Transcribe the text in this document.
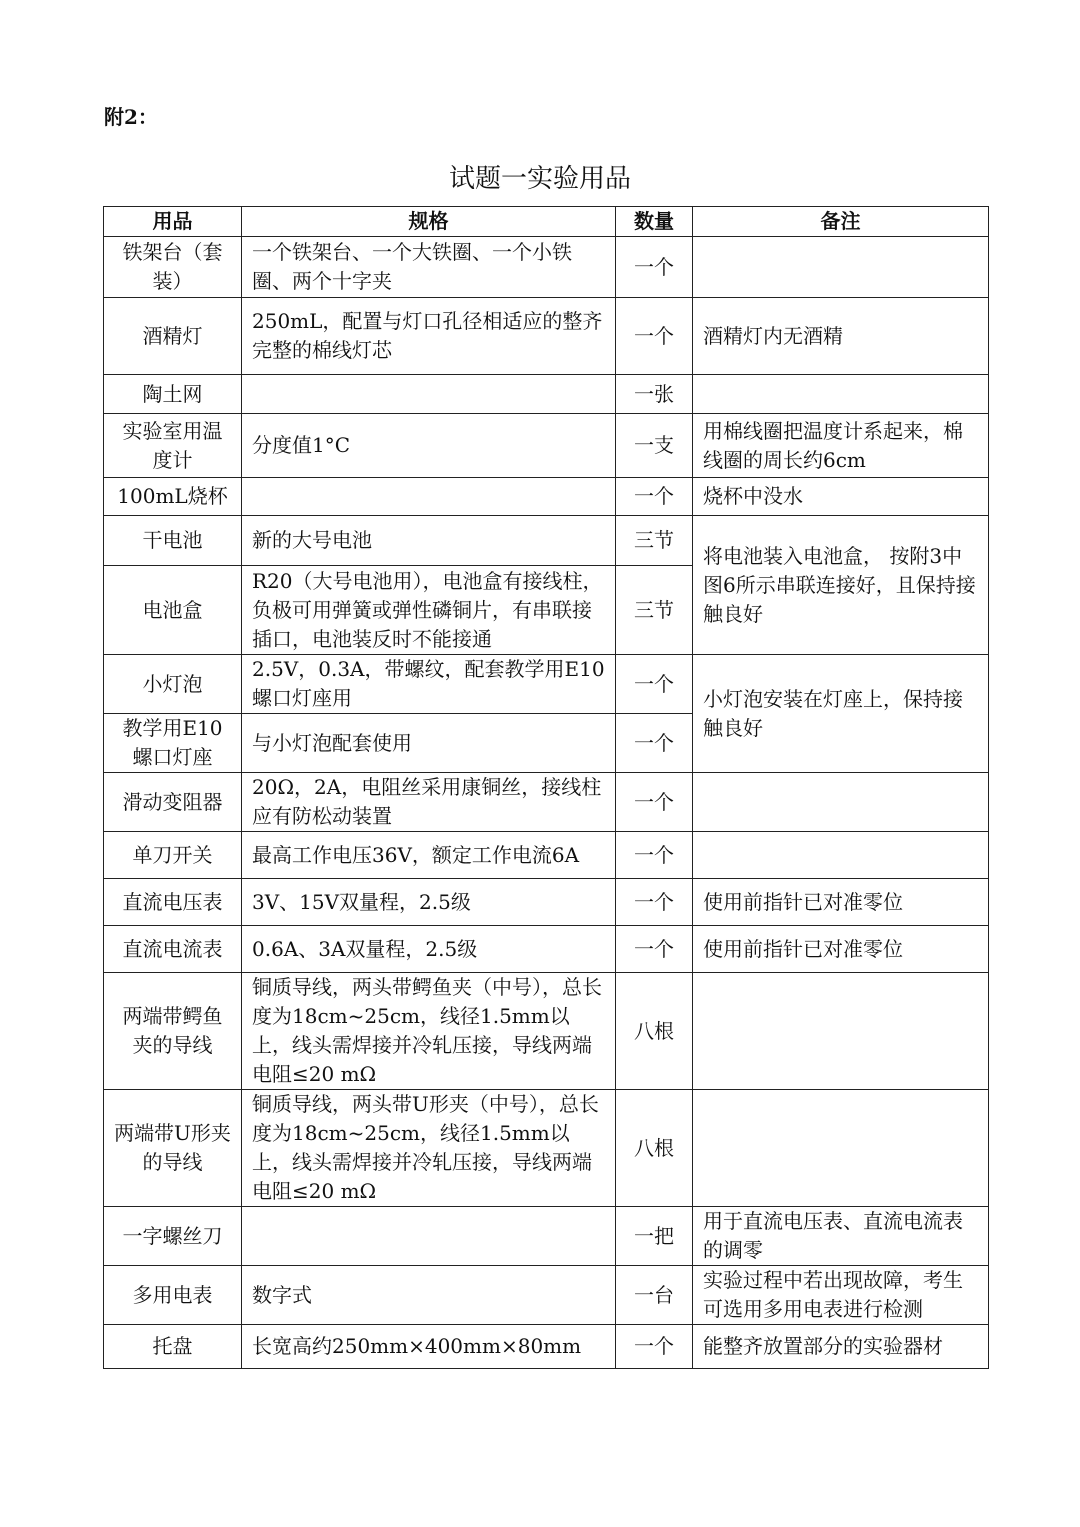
附2：
试题一实验用品
用品	规格	数量	备注
铁架台（套装）	一个铁架台、一个大铁圈、一个小铁圈、两个十字夹	一个	
酒精灯	250mL，配置与灯口孔径相适应的整齐完整的棉线灯芯	一个	酒精灯内无酒精
陶土网		一张	
实验室用温度计	分度值1°C	一支	用棉线圈把温度计系起来，棉线圈的周长约6cm
100mL烧杯		一个	烧杯中没水
干电池	新的大号电池	三节	将电池装入电池盒， 按附3中图6所示串联连接好，且保持接触良好
电池盒	R20（大号电池用），电池盒有接线柱，负极可用弹簧或弹性磷铜片，有串联接插口，电池装反时不能接通	三节	
小灯泡	2.5V，0.3A，带螺纹，配套教学用E10螺口灯座用	一个	小灯泡安装在灯座上，保持接触良好
教学用E10螺口灯座	与小灯泡配套使用	一个	
滑动变阻器	20Ω，2A，电阻丝采用康铜丝，接线柱应有防松动装置	一个	
单刀开关	最高工作电压36V，额定工作电流6A	一个	
直流电压表	3V、15V双量程，2.5级	一个	使用前指针已对准零位
直流电流表	0.6A、3A双量程，2.5级	一个	使用前指针已对准零位
两端带鳄鱼夹的导线	铜质导线，两头带鳄鱼夹（中号），总长度为18cm~25cm，线径1.5mm以上，线头需焊接并冷轧压接，导线两端电阻≤20 mΩ	八根	
两端带U形夹的导线	铜质导线，两头带U形夹（中号），总长度为18cm~25cm，线径1.5mm以上，线头需焊接并冷轧压接，导线两端电阻≤20 mΩ	八根	
一字螺丝刀		一把	用于直流电压表、直流电流表的调零
多用电表	数字式	一台	实验过程中若出现故障，考生可选用多用电表进行检测
托盘	长宽高约250mm×400mm×80mm	一个	能整齐放置部分的实验器材
